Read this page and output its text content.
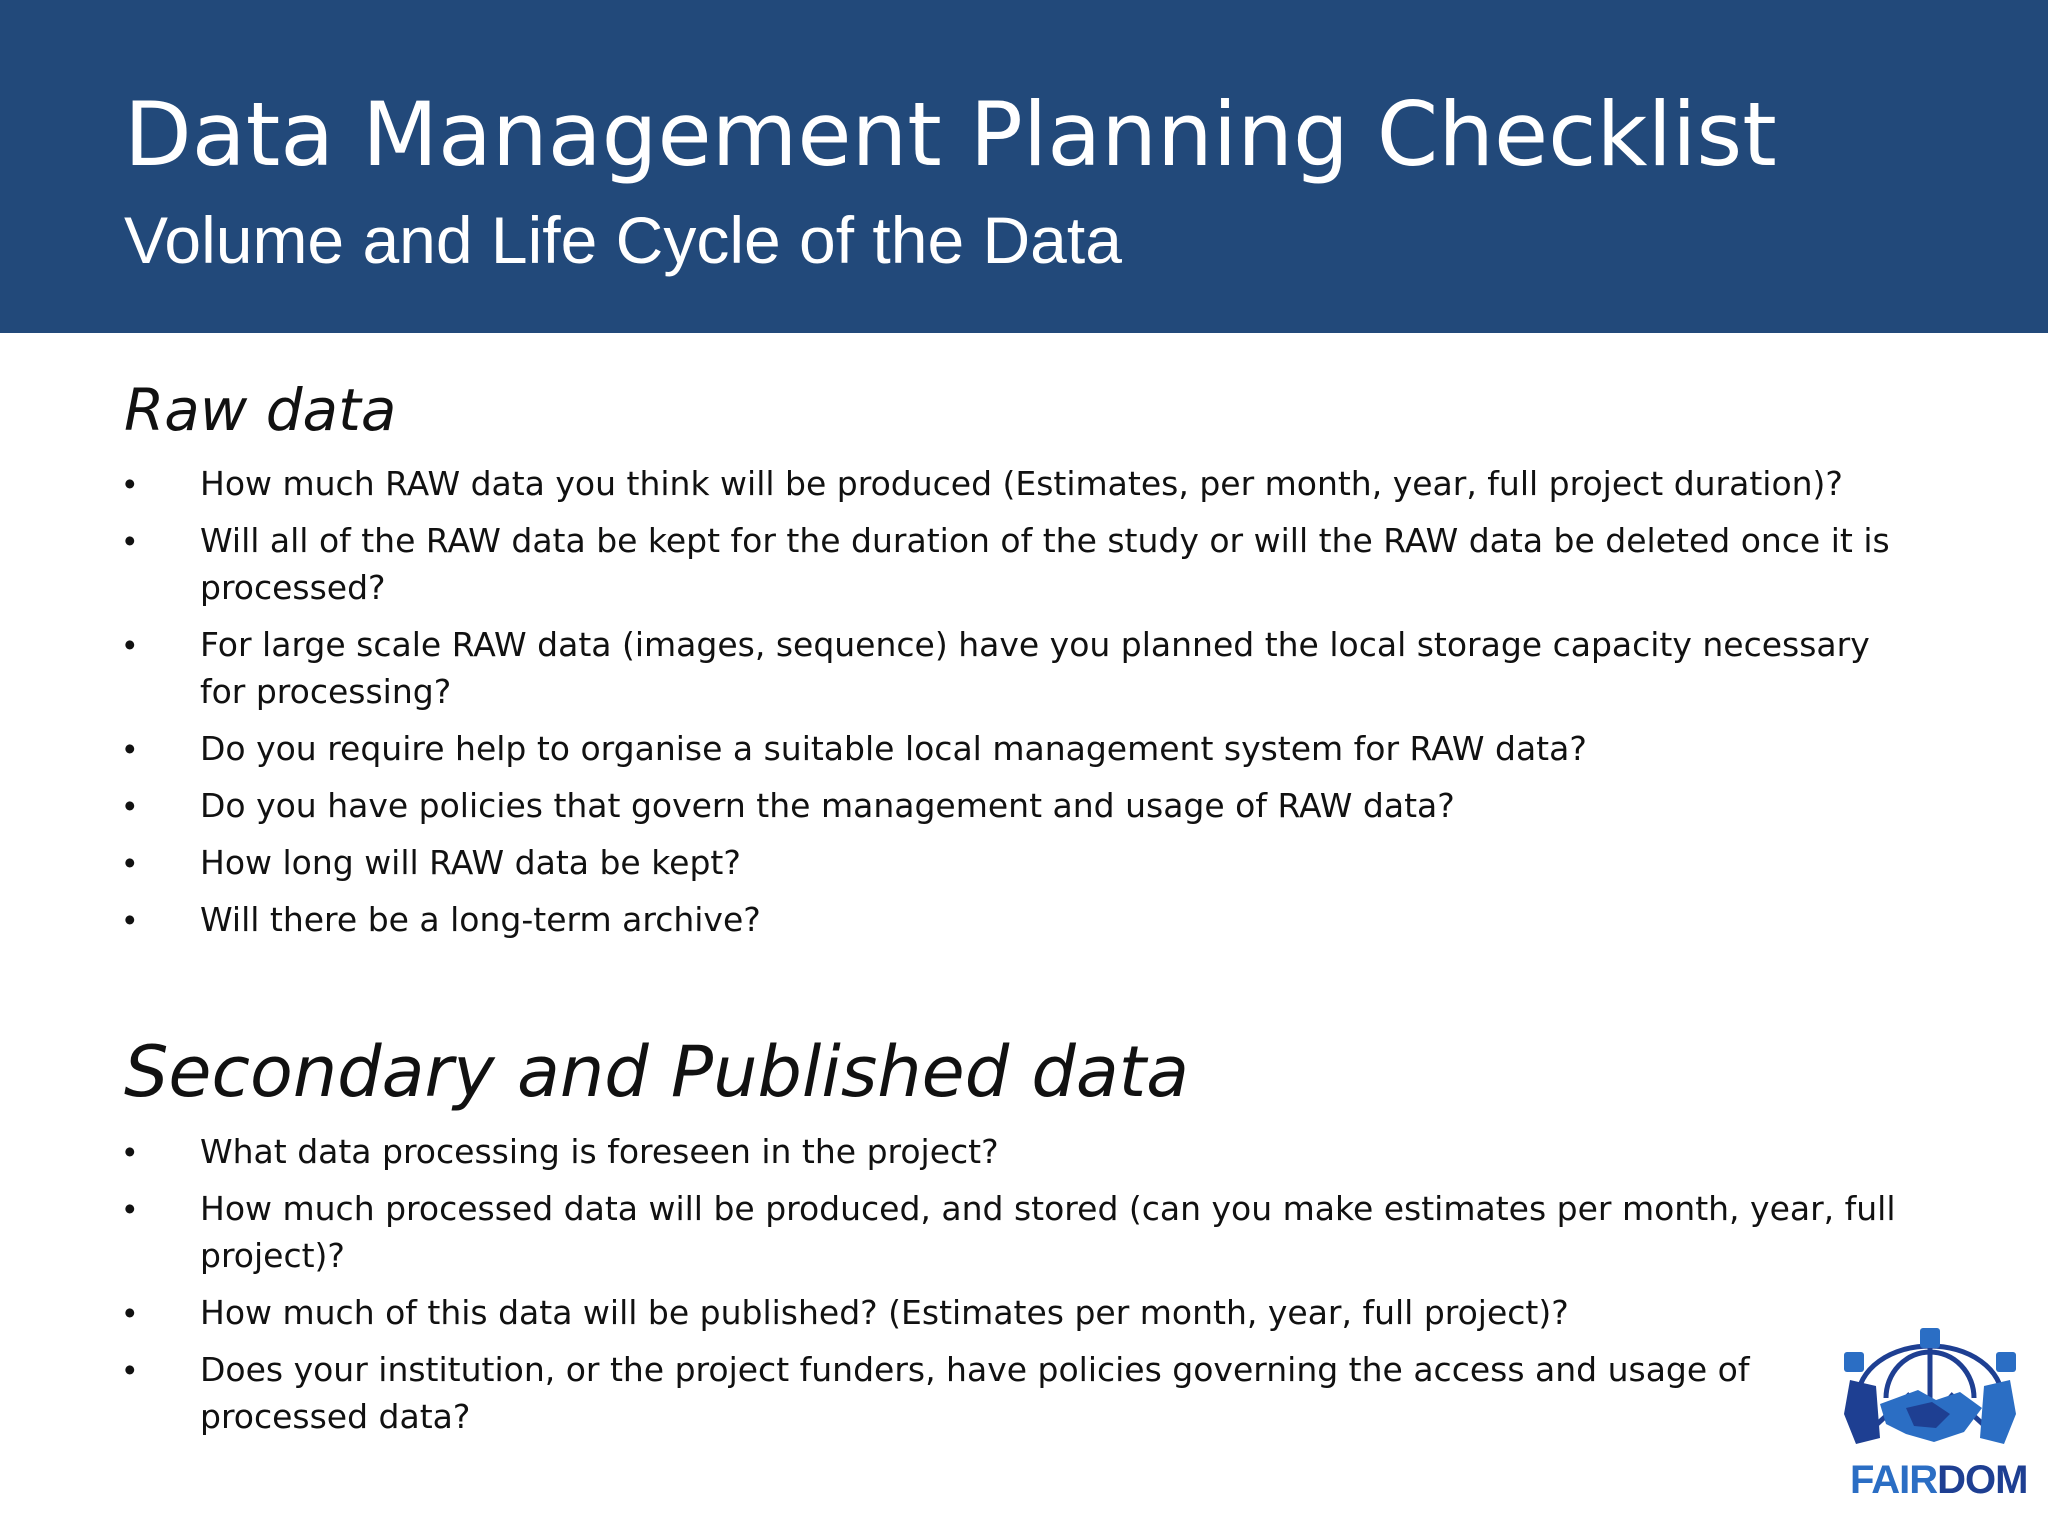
Data Management Planning Checklist
Volume and Life Cycle of the Data
Raw data
•	How much RAW data you think will be produced (Estimates, per month, year, full project duration)?
•	Will all of the RAW data be kept for the duration of the study or will the RAW data be deleted once it is processed?
•	For large scale RAW data (images, sequence) have you planned the local storage capacity necessary for processing?
•	Do you require help to organise a suitable local management system for RAW data?
•	Do you have policies that govern the management and usage of RAW data?
•	How long will RAW data be kept?
•	Will there be a long-term archive?
Secondary and Published data
•	What data processing is foreseen in the project?
•	How much processed data will be produced, and stored (can you make estimates per month, year, full project)?
•	How much of this data will be published? (Estimates per month, year, full project)?
•	Does your institution, or the project funders, have policies governing the access and usage of processed data?
FAIRDOM
